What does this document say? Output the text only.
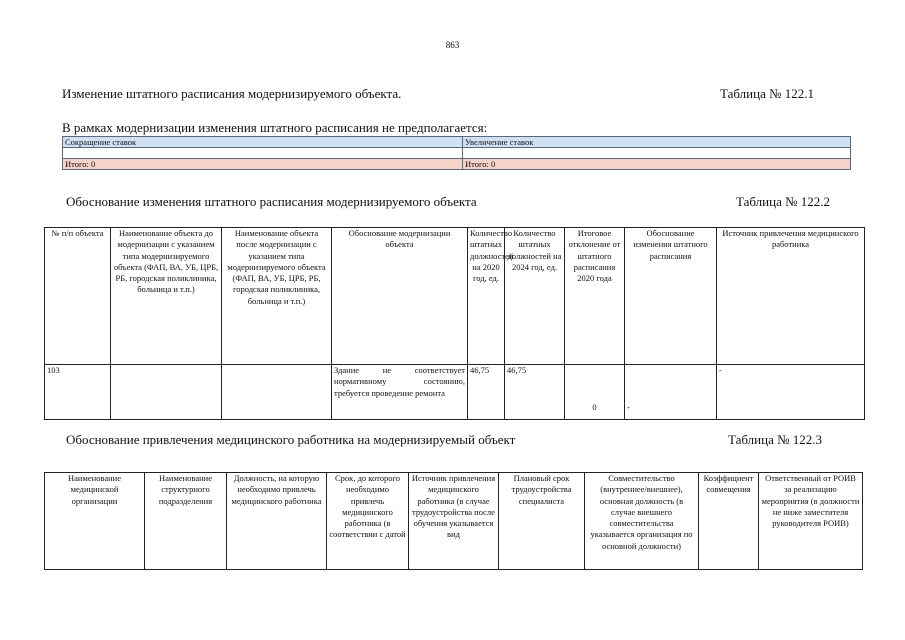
863
Изменение штатного расписания модернизируемого объекта.	Таблица № 122.1
В рамках модернизации изменения штатного расписания не предполагается:
Сокращение ставок	Увеличение ставок

Итого: 0	Итого: 0
Обоснование изменения штатного расписания модернизируемого объекта	Таблица № 122.2
№ п/п объекта	Наименование объекта до модернизации с указанием типа модернизируемого объекта (ФАП, ВА, УБ, ЦРБ, РБ, городская поликлиника, больница и т.п.)	Наименование объекта после модернизации с указанием типа модернизируемого объекта (ФАП, ВА, УБ, ЦРБ, РБ, городская поликлиника, больница и т.п.)	Обоснование модернизации объекта	Количество штатных должностей на 2020 год, ед.	Количество штатных должностей на 2024 год, ед.	Итоговое отклонение от штатного расписания 2020 года	Обоснование изменения штатного расписания	Источник привлечения медицинского работника
103			Здание не соответствует нормативному состоянию, требуется проведение ремонта	46,75	46,75	0	-	-
Обоснование привлечения медицинского работника на модернизируемый объект	Таблица № 122.3
Наименование медицинской организации	Наименование структурного подразделения	Должность, на которую необходимо привлечь медицинского работника	Срок, до которого необходимо привлечь медицинского работника (в соответствии с датой	Источник привлечения медицинского работника (в случае трудоустройства после обучения указывается вид	Плановый срок трудоустройства специалиста	Совместительство (внутреннее/внешнее), основная должность (в случае внешнего совместительства указывается организация по основной должности)	Коэффициент совмещения	Ответственный от РОИВ за реализацию мероприятия (в должности не ниже заместителя руководителя РОИВ)
